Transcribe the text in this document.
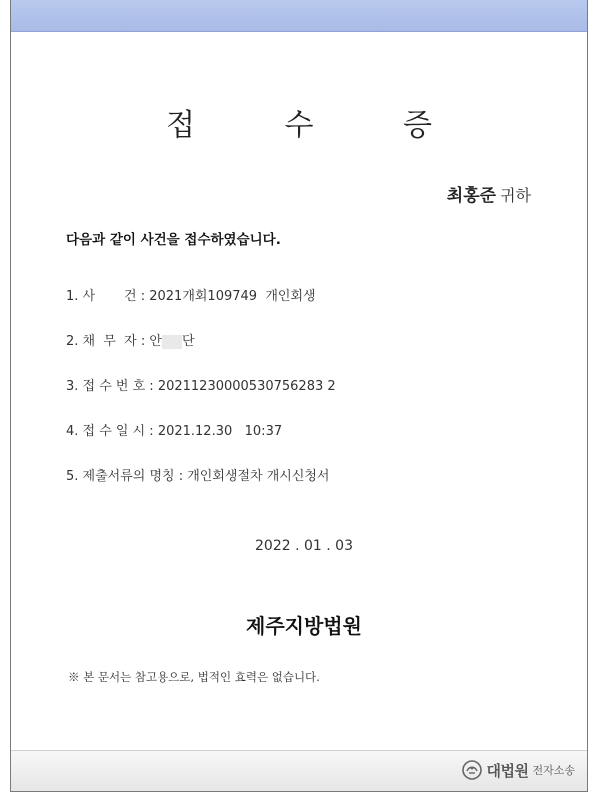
접 수 증
최홍준 귀하
다음과 같이 사건을 접수하였습니다.
1. 사       건 : 2021개회109749  개인회생
2. 채  무  자 : 안 단
3. 접 수 번 호 : 20211230000530756283 2
4. 접 수 일 시 : 2021.12.30   10:37
5. 제출서류의 명칭 : 개인회생절차 개시신청서
2022 . 01 . 03
제주지방법원
※ 본 문서는 참고용으로, 법적인 효력은 없습니다.
대법원 전자소송
